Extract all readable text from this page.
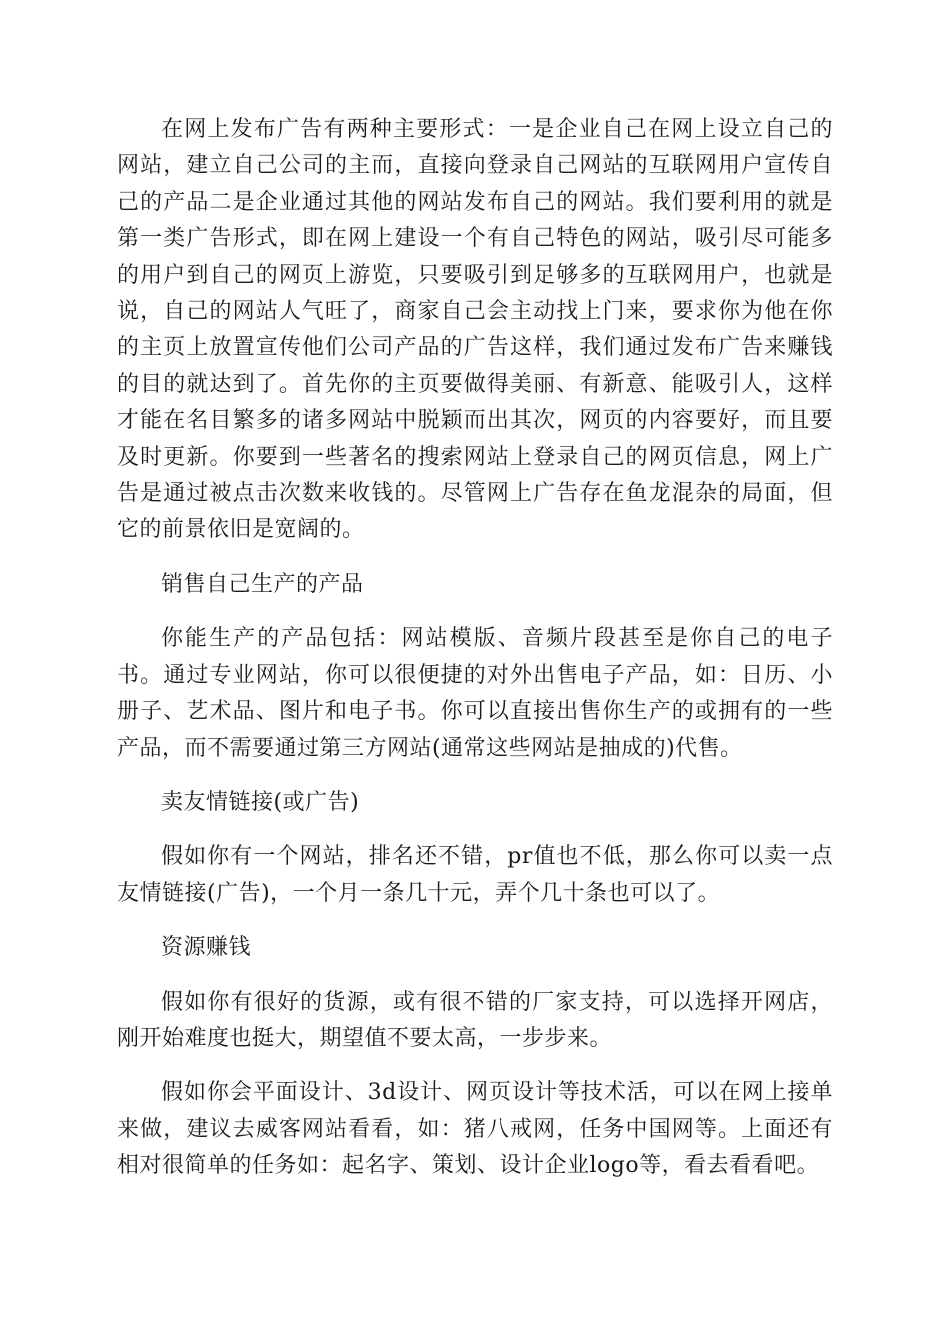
在网上发布广告有两种主要形式：一是企业自己在网上设立自己的网站，建立自己公司的主而，直接向登录自己网站的互联网用户宣传自己的产品二是企业通过其他的网站发布自己的网站。我们要利用的就是第一类广告形式，即在网上建设一个有自己特色的网站，吸引尽可能多的用户到自己的网页上游览，只要吸引到足够多的互联网用户，也就是说，自己的网站人气旺了，商家自己会主动找上门来，要求你为他在你的主页上放置宣传他们公司产品的广告这样，我们通过发布广告来赚钱的目的就达到了。首先你的主页要做得美丽、有新意、能吸引人，这样才能在名目繁多的诸多网站中脱颖而出其次，网页的内容要好，而且要及时更新。你要到一些著名的搜索网站上登录自己的网页信息，网上广告是通过被点击次数来收钱的。尽管网上广告存在鱼龙混杂的局面，但它的前景依旧是宽阔的。

销售自己生产的产品

你能生产的产品包括：网站模版、音频片段甚至是你自己的电子书。通过专业网站，你可以很便捷的对外出售电子产品，如：日历、小册子、艺术品、图片和电子书。你可以直接出售你生产的或拥有的一些产品，而不需要通过第三方网站(通常这些网站是抽成的)代售。

卖友情链接(或广告)

假如你有一个网站，排名还不错，pr值也不低，那么你可以卖一点友情链接(广告)，一个月一条几十元，弄个几十条也可以了。

资源赚钱

假如你有很好的货源，或有很不错的厂家支持，可以选择开网店，刚开始难度也挺大，期望值不要太高，一步步来。

假如你会平面设计、3d设计、网页设计等技术活，可以在网上接单来做，建议去威客网站看看，如：猪八戒网，任务中国网等。上面还有相对很简单的任务如：起名字、策划、设计企业logo等，看去看看吧。
